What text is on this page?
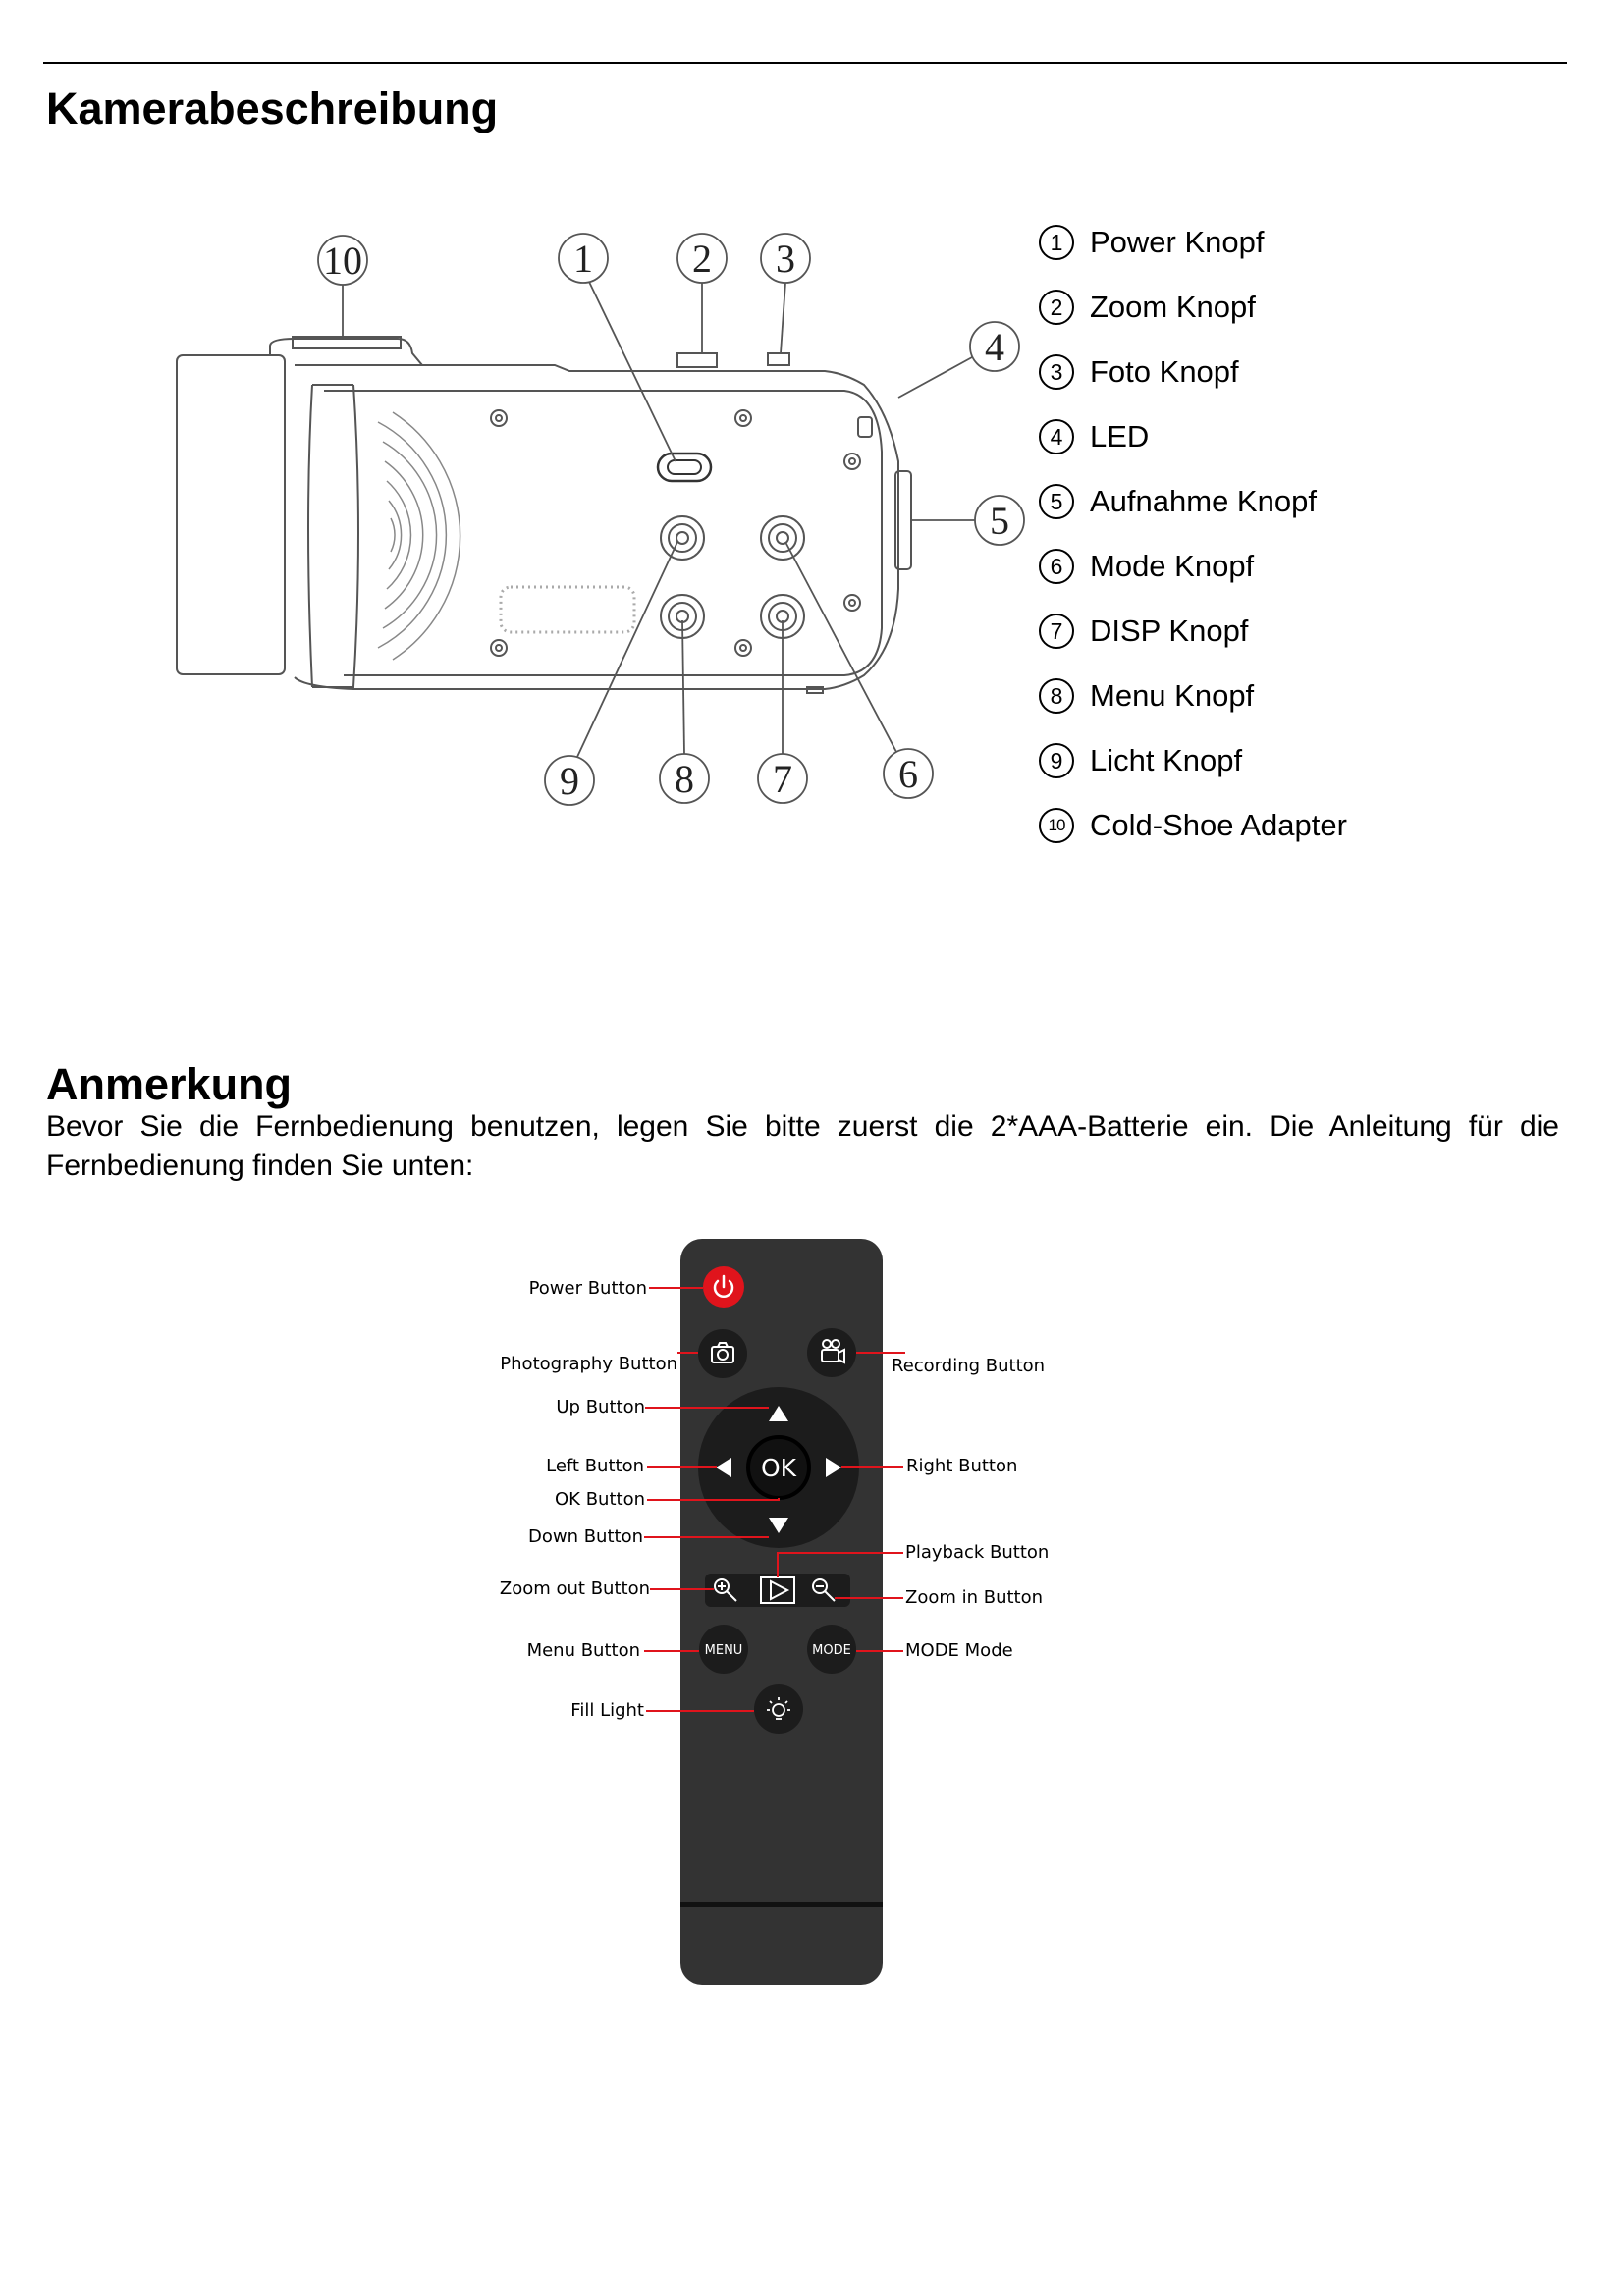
Kamerabeschreibung
10	1	2 3
4
5
6
7
8
9
1 Power Knopf
2 Zoom Knopf
3 Foto Knopf
4 LED
5 Aufnahme Knopf
6 Mode Knopf
7 DISP Knopf
8 Menu Knopf
9 Licht Knopf
10 Cold-Shoe Adapter
Anmerkung

Bevor Sie die Fernbedienung benutzen, legen Sie bitte zuerst die 2*AAA-Batterie ein. Die Anleitung für die Fernbedienung finden Sie unten:

OK
MENU	MODE
Power Button
Photography Button	Recording Button
Up Button
Left Button	Right Button
OK Button
Down Button
Playback Button
Zoom out Button	Zoom in Button
Menu Button	MODE Mode
Fill Light
